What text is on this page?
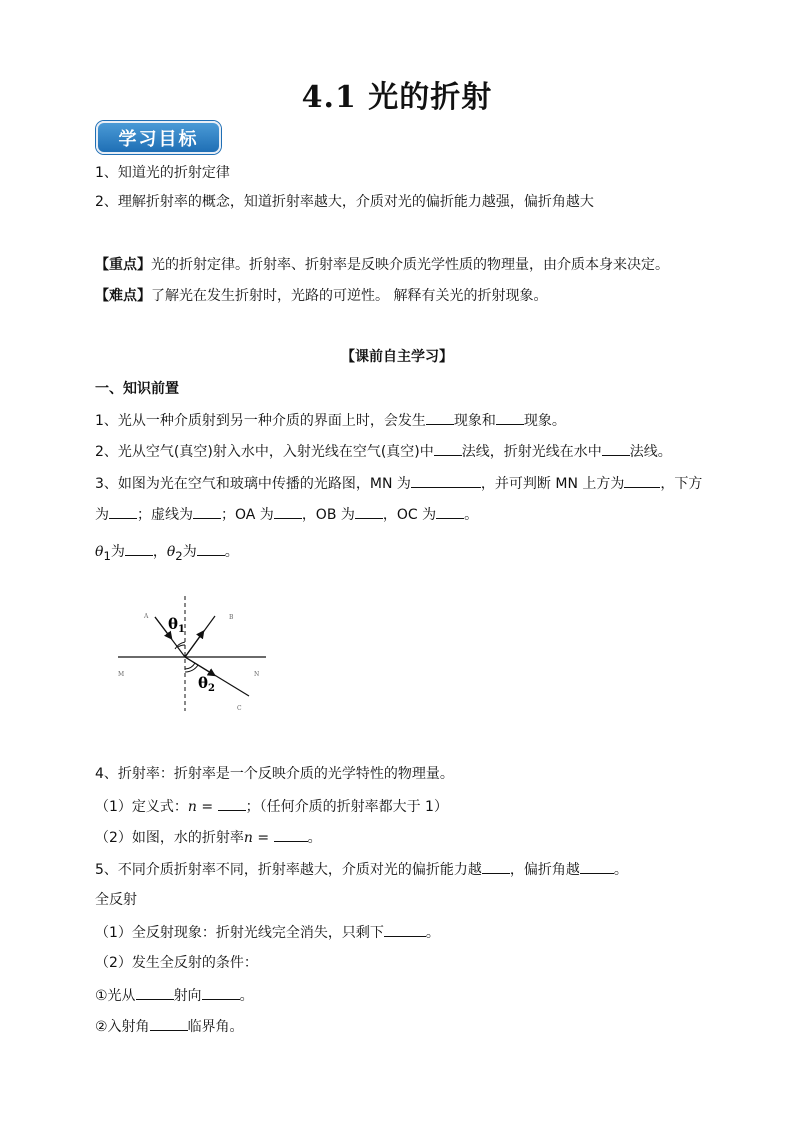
4.1 光的折射
学习目标
1、知道光的折射定律
2、理解折射率的概念，知道折射率越大，介质对光的偏折能力越强，偏折角越大
【重点】光的折射定律。折射率、折射率是反映介质光学性质的物理量，由介质本身来决定。
【难点】了解光在发生折射时，光路的可逆性。 解释有关光的折射现象。
【课前自主学习】
一、知识前置
1、光从一种介质射到另一种介质的界面上时，会发生 现象和 现象。
2、光从空气(真空)射入水中，入射光线在空气(真空)中 法线，折射光线在水中 法线。
3、如图为光在空气和玻璃中传播的光路图，MN 为	，并可判断 MN 上方为	，下方
为 ；虚线为 ；OA 为 ，OB 为 ，OC 为 。
$\theta_1$为 ，$\theta_2$为 。
$\theta_1$
$\theta_2$
A	B
M	N
C
4、折射率：折射率是一个反映介质的光学特性的物理量。
（1）定义式：n = ；（任何介质的折射率都大于 1）
（2）如图，水的折射率n = 。
5、不同介质折射率不同，折射率越大，介质对光的偏折能力越 ，偏折角越 。
全反射
（1）全反射现象：折射光线完全消失，只剩下	。
（2）发生全反射的条件：
①光从	射向	。
②入射角	临界角。
